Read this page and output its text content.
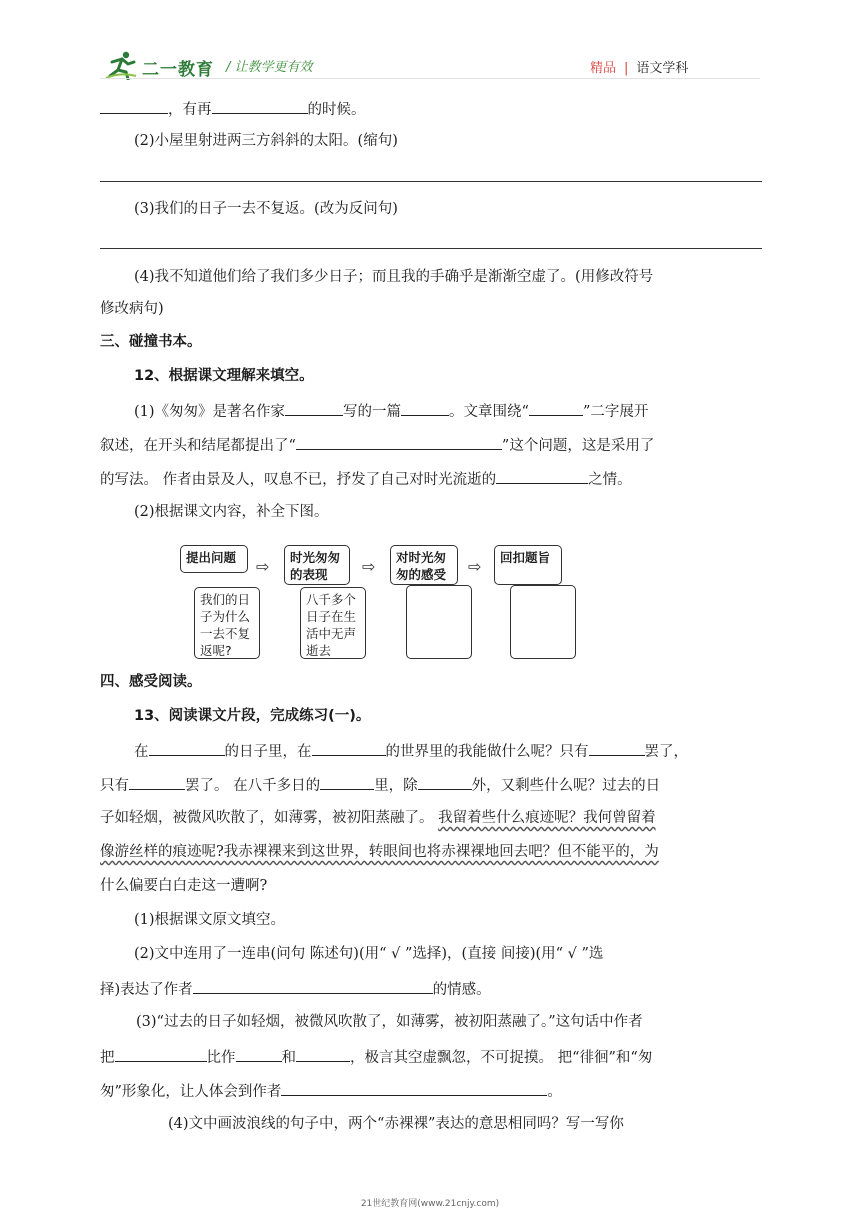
二一教育 / 让教学更有效	精品 | 语文学科
，有再	的时候。
(2)小屋里射进两三方斜斜的太阳。(缩句)
(3)我们的日子一去不复返。(改为反问句)
(4)我不知道他们给了我们多少日子；而且我的手确乎是渐渐空虚了。(用修改符号
修改病句)
三、碰撞书本。
12、根据课文理解来填空。
(1)《匆匆》是著名作家	写的一篇	。文章围绕“	”二字展开
叙述，在开头和结尾都提出了“	”这个问题，这是采用了
的写法。 作者由景及人，叹息不已，抒发了自己对时光流逝的	之情。
(2)根据课文内容，补全下图。
提出问题
我们的日子为什么一去不复返呢?
⇨	时光匆匆的表现
八千多个日子在生活中无声逝去
⇨	对时光匆匆的感受	⇨	回扣题旨
四、感受阅读。
13、阅读课文片段，完成练习(一)。
在	的日子里，在	的世界里的我能做什么呢？只有	罢了，
只有	罢了。 在八千多日的	里，除	外，又剩些什么呢？过去的日
子如轻烟，被微风吹散了，如薄雾，被初阳蒸融了。 我留着些什么痕迹呢？我何曾留着
像游丝样的痕迹呢?我赤裸裸来到这世界，转眼间也将赤裸裸地回去吧？但不能平的，为
什么偏要白白走这一遭啊?
(1)根据课文原文填空。
(2)文中连用了一连串(问句 陈述句)(用“ √ ”选择)，(直接 间接)(用“ √ ”选
择)表达了作者	的情感。
(3)“过去的日子如轻烟，被微风吹散了，如薄雾，被初阳蒸融了。”这句话中作者
把	比作	和	，极言其空虚飘忽，不可捉摸。 把“徘徊”和“匆
匆”形象化，让人体会到作者	。
(4)文中画波浪线的句子中，两个“赤裸裸”表达的意思相同吗？写一写你
21世纪教育网(www.21cnjy.com)
